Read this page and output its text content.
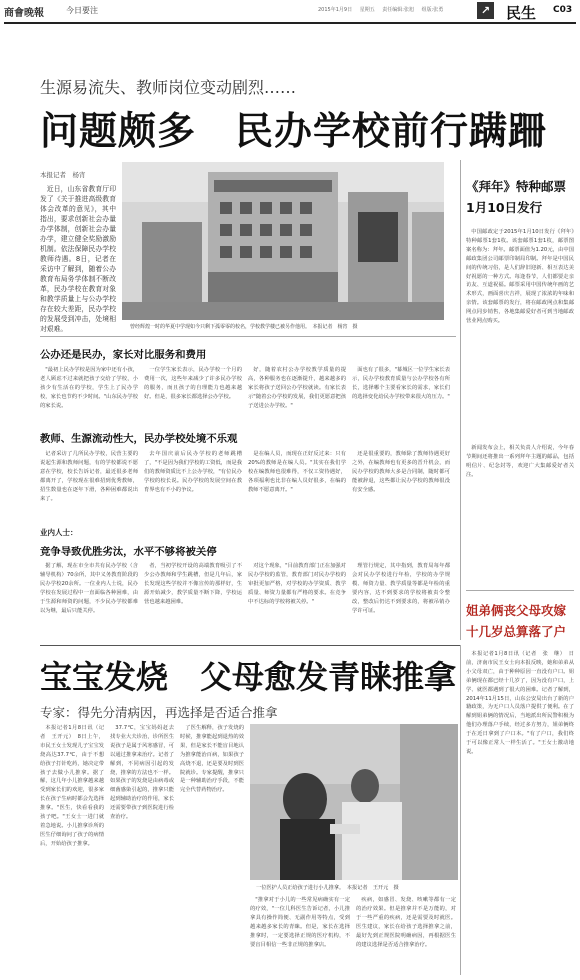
商會晚報	今日要注	2015年1月9日 星期五 责任编辑:张旭 组版:张勇	↗ 民生 C03
生源易流失、教师岗位变动剧烈……
问题颇多　民办学校前行蹒跚
本报记者　杨宵

近日，山东省教育厅印发了《关于推进高级教育体会改革的意见》，其中指出，要求创新社会办量办学体制，创新社会办量办学，建立健全奖励激励机制。依法保障民办学校教师待遇。8日，记者在采访中了解到，随着公办教育布局务学体制不断改革，民办学校在教育对象和教学质量上与公办学校存在较大差距，民办学校的发展受到冲击，处境相对艰难。	曾经辉煌一时的华夏中学现如今只剩下孤零零的校名，学校教学楼已被另作他用。　本报记者　杨宵　摄
公办还是民办，家长对比服务和费用

"最初上民办学校是因为家中还有小孩，老人顾虑不过来就把孩子交给了学校，小孩少有生活在的学校，学生上了民办学校，家长也节约不少时间。"山东民办学校的家长说。

一位学生家长表示，民办学校一个月的费用一次，这些年来减少了许多民办学校的服务，而且孩子的自理能力也越来越好。但是，很多家长都选择公办学校。

好，随着农村公办学校教学质量的提高，各种服务也在逐渐提升，越来越多的家长将孩子送回公办学校就读。有家长表示"随着公办学校的发展，我们更愿意把孩子送进公办学校。"

面也有了很多，"幕城区一位学生家长表示，民办学校教育质量与公办学校各有所长，选择哪个主要看家长的需求，家长们的选择变化给民办学校带来很大的压力。"

教师、生源流动性大，民办学校处境不乐观

记者采访了几所民办学校，民营主要的说起生源和教师问题，有的学校都说不愿意在学校，校长告诉记者，最近很多老师都离开了，学校现在很难招到优秀教师，招生数量也在逐年下滑，各种困难都说出来了。

去年国庆前后民办学校的老师跳槽了，"不是因为我们学校的工资低，而是我们的教师资质比不上公办学校，"有位民办学校的校长说。民办学校的发展空间在教育界也有不小的争议。

是在编人员，而现在正好反过来：只有20%的教师是在编人员。"其实在我们学校在编教师也很难得，不仅工资待遇好，各项福利也比非在编人员好很多，在编的教师不愿意离开。"

还是很重要的，教师除了教师待遇更好之外，在编教师也有更多的晋升机会，而民办学校的教师大多是合同制，随时都可能被辞退，这些都让民办学校的教师很没有安全感。

业内人士：
竞争导致优胜劣汰，水平不够将被关停

据了解，现在市全市共有民办学校（含辅导机构）70余所，其中义务教育阶段的民办学校20余所。一位业内人士说，民办学校在发展过程中一直面临各种困难，由于生源和师资的问题，不少民办学校都难以为继，最后只能关停。

者，当初学校开设的高端教育吸引了不少公办教师和学生跳槽，但是几年后，家长发现这些学校并不像宣传的那样好，生源开始减少，教学质量不断下降，学校运营也越来越困难。

对这个现象，"目前教育部门正在加强对民办学校的监管，教育部门对民办学校的审批更加严格，对学校的办学资质、教学质量、师资力量都有严格的要求。在竞争中不达标的学校将被关停。"

理管行规定，其中指到，教育局每年都会对民办学校进行年检，学校的办学规模、师资力量、教学质量等都是年检的重要内容，达不到要求的学校将被责令整改，整改后仍达不到要求的，将被吊销办学许可证。

《拜年》特种邮票1月10日发行

中国邮政定于2015年1月10日发行《拜年》特种邮票1套1枚。该套邮票1套1枚，邮票图案名称为：拜年。邮票面值为1.20元，由中国邮政集团公司邮票印制局印制。拜年是中国民间的传统习俗，是人们辞旧迎新、相互表达美好祝愿的一种方式。每逢春节，人们都要走亲访友、互道祝福。邮票采用中国传统年画的艺术形式，画面喜庆吉祥，展现了浓浓的年味和亲情。该套邮票的发行，将在邮政网点和集邮网点同步销售，各地集邮爱好者可到当地邮政营业网点购买。

新闻发布会上，相关负责人介绍说，今年春节期间还将推出一系列拜年主题的邮品，包括明信片、纪念封等，欢迎广大集邮爱好者关注。

姐弟俩丧父母攻嫁十几岁总算落了户

本报记者1月8日讯（记者　张　继）　日前，济南市民王女士向本报反映，她和弟弟从小父母双亡，由于种种原因一直没有户口。姐弟俩现在都已经十几岁了，因为没有户口，上学、就医都遇到了很大的困难。记者了解到，2014年11月15日，山东公安局出台了新的户籍政策，为无户口人员落户提供了便利。在了解到姐弟俩的情况后，当地派出所民警积极为他们办理落户手续，经过多方努力，姐弟俩终于在近日拿到了户口本。"有了户口，我们终于可以像正常人一样生活了。"王女士激动地说。

宝宝发烧　父母愈发青睐推拿
专家：得先分清病因，再选择是否适合推拿

本报记者1月8日讯（记者　王开元）　8日上午，市民王女士发现儿子宝宝发烧高达37.7℃，由于不想给孩子打针吃药，她决定带孩子去做小儿推拿。据了解，这几年小儿推拿越来越受到家长们的欢迎，很多家长在孩子生病时都会先选择推拿。"医生，快看看我的孩子吧。"王女士一进门就着急地说。小儿推拿诊所的医生仔细询问了孩子的病情后，开始给孩子推拿。

37.7℃，宝宝妈妈赶去找专业大夫诊治，诊所医生说孩子是属于风寒感冒，可以通过推拿来治疗。记者了解到，不同病因引起的发烧，推拿的方法也不一样。如果孩子的发烧是由病毒或细菌感染引起的，推拿只能起到辅助治疗的作用，家长还需要带孩子到医院进行检查治疗。

了医生解释，孩子发烧的时候，推拿能起到退热的效果，但是家长不能盲目地认为推拿能治百病，如果孩子高烧不退，还是要及时到医院就诊。专家提醒，推拿只是一种辅助治疗手段，不能完全代替药物治疗。

一位医护人员正给孩子进行小儿推拿。　本报记者　王开元　摄

"推拿对于小儿的一些常见病确实有一定的疗效，"一位儿科医生告诉记者，小儿推拿具有操作简便、无副作用等特点，受到越来越多家长的青睐。但是，家长在选择推拿时，一定要选择正规的医疗机构，不要盲目相信一些非正规的推拿店。

疾病，如感冒、发烧、咳嗽等都有一定的治疗效果。但是推拿并不是万能的，对于一些严重的疾病，还是需要及时就医。医生建议，家长在给孩子选择推拿之前，最好先到正规医院明确病因，再根据医生的建议选择是否适合推拿治疗。
